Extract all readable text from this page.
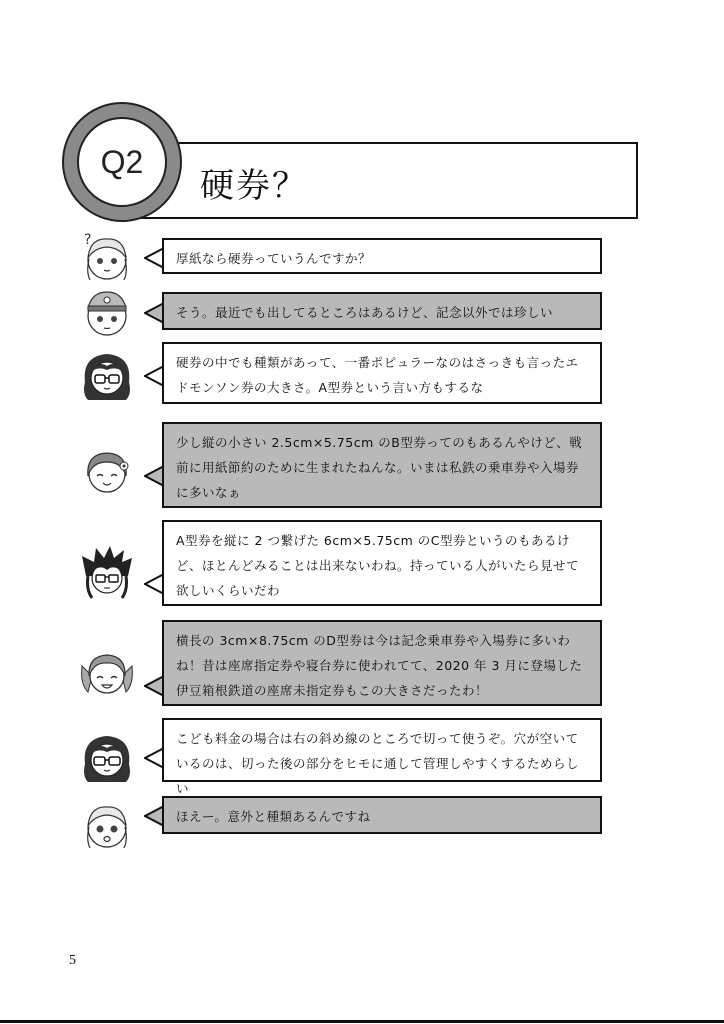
硬券？
Q2
?
厚紙なら硬券っていうんですか？
そう。最近でも出してるところはあるけど、記念以外では珍しい
硬券の中でも種類があって、一番ポピュラーなのはさっきも言ったエドモンソン券の大きさ。A型券という言い方もするな
少し縦の小さい 2.5cm×5.75cm のB型券ってのもあるんやけど、戦前に用紙節約のために生まれたねんな。いまは私鉄の乗車券や入場券に多いなぁ
A型券を縦に 2 つ繋げた 6cm×5.75cm のC型券というのもあるけど、ほとんどみることは出来ないわね。持っている人がいたら見せて欲しいくらいだわ
横長の 3cm×8.75cm のD型券は今は記念乗車券や入場券に多いわね！昔は座席指定券や寝台券に使われてて、2020 年 3 月に登場した伊豆箱根鉄道の座席未指定券もこの大きさだったわ！
こども料金の場合は右の斜め線のところで切って使うぞ。穴が空いているのは、切った後の部分をヒモに通して管理しやすくするためらしい
ほえー。意外と種類あるんですね
5
